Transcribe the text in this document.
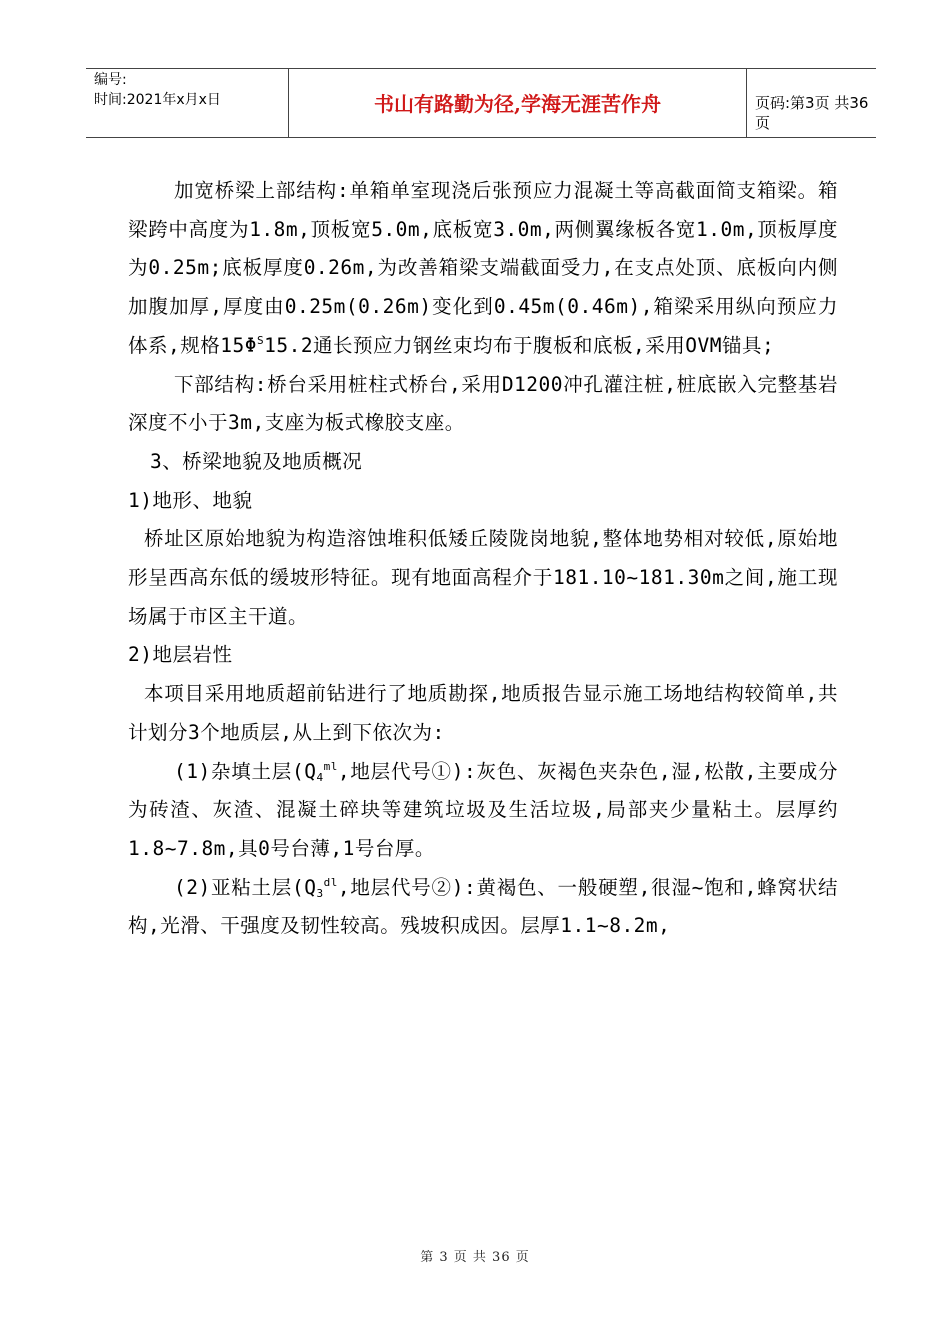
编号:
时间:2021年x月x日	书山有路勤为径,学海无涯苦作舟	页码:第3页 共36页

加宽桥梁上部结构:单箱单室现浇后张预应力混凝土等高截面简支箱梁。箱梁跨中高度为1.8m,顶板宽5.0m,底板宽3.0m,两侧翼缘板各宽1.0m,顶板厚度为0.25m;底板厚度0.26m,为改善箱梁支端截面受力,在支点处顶、底板向内侧加腹加厚,厚度由0.25m(0.26m)变化到0.45m(0.46m),箱梁采用纵向预应力体系,规格$15\Phi^S15.2$通长预应力钢丝束均布于腹板和底板,采用OVM锚具;

下部结构:桥台采用桩柱式桥台,采用D1200冲孔灌注桩,桩底嵌入完整基岩深度不小于3m,支座为板式橡胶支座。

3、桥梁地貌及地质概况

1)地形、地貌

桥址区原始地貌为构造溶蚀堆积低矮丘陵陇岗地貌,整体地势相对较低,原始地形呈西高东低的缓坡形特征。现有地面高程介于181.10~181.30m之间,施工现场属于市区主干道。

2)地层岩性

本项目采用地质超前钻进行了地质勘探,地质报告显示施工场地结构较简单,共计划分3个地质层,从上到下依次为:

(1)杂填土层($Q_4^{ml}$,地层代号①):灰色、灰褐色夹杂色,湿,松散,主要成分为砖渣、灰渣、混凝土碎块等建筑垃圾及生活垃圾,局部夹少量粘土。层厚约1.8~7.8m,具0号台薄,1号台厚。

(2)亚粘土层($Q_3^{dl}$,地层代号②):黄褐色、一般硬塑,很湿~饱和,蜂窝状结构,光滑、干强度及韧性较高。残坡积成因。层厚1.1~8.2m,

第 3 页 共 36 页
